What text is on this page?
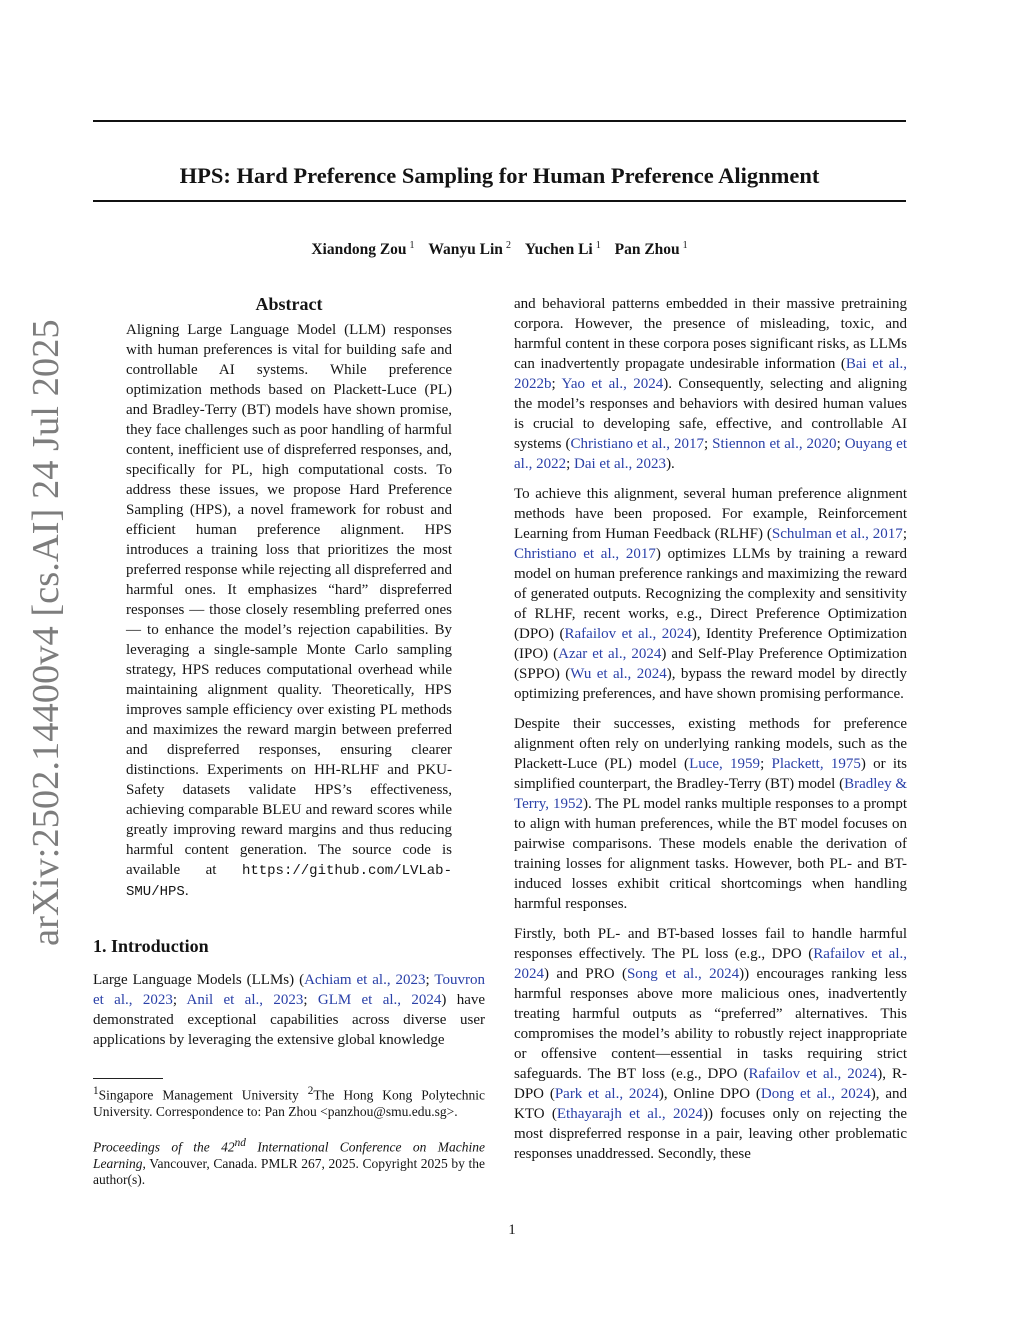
HPS: Hard Preference Sampling for Human Preference Alignment
Xiandong Zou $^1$ Wanyu Lin $^2$ Yuchen Li $^1$ Pan Zhou $^1$
arXiv:2502.14400v4 [cs.AI] 24 Jul 2025
Abstract

Aligning Large Language Model (LLM) responses with human preferences is vital for building safe and controllable AI systems. While preference optimization methods based on Plackett-Luce (PL) and Bradley-Terry (BT) models have shown promise, they face challenges such as poor handling of harmful content, inefficient use of dispreferred responses, and, specifically for PL, high computational costs. To address these issues, we propose Hard Preference Sampling (HPS), a novel framework for robust and efficient human preference alignment. HPS introduces a training loss that prioritizes the most preferred response while rejecting all dispreferred and harmful ones. It emphasizes “hard” dispreferred responses — those closely resembling preferred ones — to enhance the model’s rejection capabilities. By leveraging a single-sample Monte Carlo sampling strategy, HPS reduces computational overhead while maintaining alignment quality. Theoretically, HPS improves sample efficiency over existing PL methods and maximizes the reward margin between preferred and dispreferred responses, ensuring clearer distinctions. Experiments on HH-RLHF and PKU-Safety datasets validate HPS’s effectiveness, achieving comparable BLEU and reward scores while greatly improving reward margins and thus reducing harmful content generation. The source code is available at https://github.com/LVLab-SMU/HPS.

1. Introduction

Large Language Models (LLMs) (Achiam et al., 2023; Touvron et al., 2023; Anil et al., 2023; GLM et al., 2024) have demonstrated exceptional capabilities across diverse user applications by leveraging the extensive global knowledge

$^1$Singapore Management University $^2$The Hong Kong Polytechnic University. Correspondence to: Pan Zhou <panzhou@smu.edu.sg>.

Proceedings of the 42nd International Conference on Machine Learning, Vancouver, Canada. PMLR 267, 2025. Copyright 2025 by the author(s).

and behavioral patterns embedded in their massive pretraining corpora. However, the presence of misleading, toxic, and harmful content in these corpora poses significant risks, as LLMs can inadvertently propagate undesirable information (Bai et al., 2022b; Yao et al., 2024). Consequently, selecting and aligning the model’s responses and behaviors with desired human values is crucial to developing safe, effective, and controllable AI systems (Christiano et al., 2017; Stiennon et al., 2020; Ouyang et al., 2022; Dai et al., 2023).

To achieve this alignment, several human preference alignment methods have been proposed. For example, Reinforcement Learning from Human Feedback (RLHF) (Schulman et al., 2017; Christiano et al., 2017) optimizes LLMs by training a reward model on human preference rankings and maximizing the reward of generated outputs. Recognizing the complexity and sensitivity of RLHF, recent works, e.g., Direct Preference Optimization (DPO) (Rafailov et al., 2024), Identity Preference Optimization (IPO) (Azar et al., 2024) and Self-Play Preference Optimization (SPPO) (Wu et al., 2024), bypass the reward model by directly optimizing preferences, and have shown promising performance.

Despite their successes, existing methods for preference alignment often rely on underlying ranking models, such as the Plackett-Luce (PL) model (Luce, 1959; Plackett, 1975) or its simplified counterpart, the Bradley-Terry (BT) model (Bradley & Terry, 1952). The PL model ranks multiple responses to a prompt to align with human preferences, while the BT model focuses on pairwise comparisons. These models enable the derivation of training losses for alignment tasks. However, both PL- and BT-induced losses exhibit critical shortcomings when handling harmful responses.

Firstly, both PL- and BT-based losses fail to handle harmful responses effectively. The PL loss (e.g., DPO (Rafailov et al., 2024) and PRO (Song et al., 2024)) encourages ranking less harmful responses above more malicious ones, inadvertently treating harmful outputs as “preferred” alternatives. This compromises the model’s ability to robustly reject inappropriate or offensive content—essential in tasks requiring strict safeguards. The BT loss (e.g., DPO (Rafailov et al., 2024), R-DPO (Park et al., 2024), Online DPO (Dong et al., 2024), and KTO (Ethayarajh et al., 2024)) focuses only on rejecting the most dispreferred response in a pair, leaving other problematic responses unaddressed. Secondly, these

1
